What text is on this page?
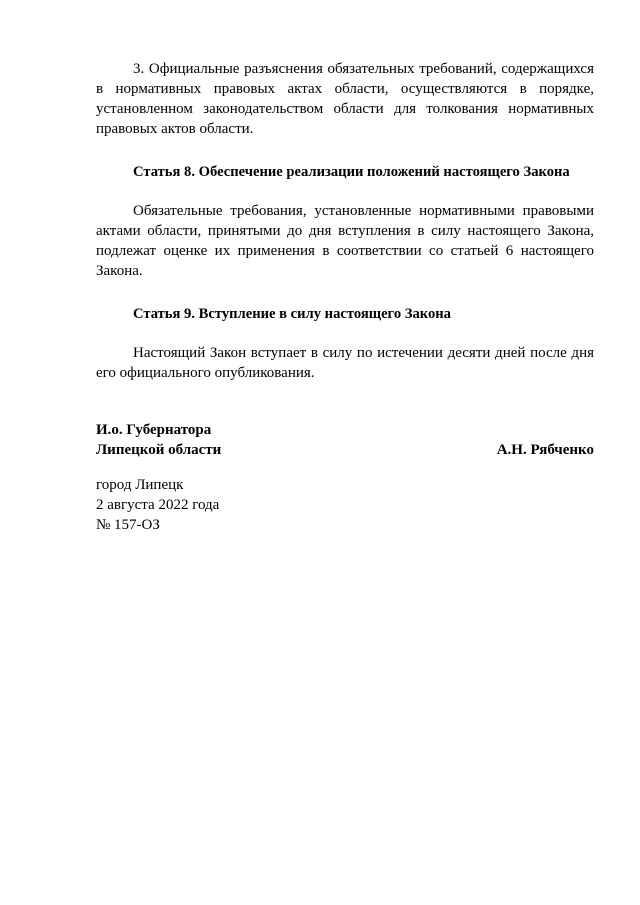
3. Официальные разъяснения обязательных требований, содержащихся в нормативных правовых актах области, осуществляются в порядке, установленном законодательством области для толкования нормативных правовых актов области.

Статья 8. Обеспечение реализации положений настоящего Закона

Обязательные требования, установленные нормативными правовыми актами области, принятыми до дня вступления в силу настоящего Закона, подлежат оценке их применения в соответствии со статьей 6 настоящего Закона.

Статья 9. Вступление в силу настоящего Закона

Настоящий Закон вступает в силу по истечении десяти дней после дня его официального опубликования.

И.о. Губернатора
Липецкой области	А.Н. Рябченко
город Липецк
2 августа 2022 года
№ 157-ОЗ
